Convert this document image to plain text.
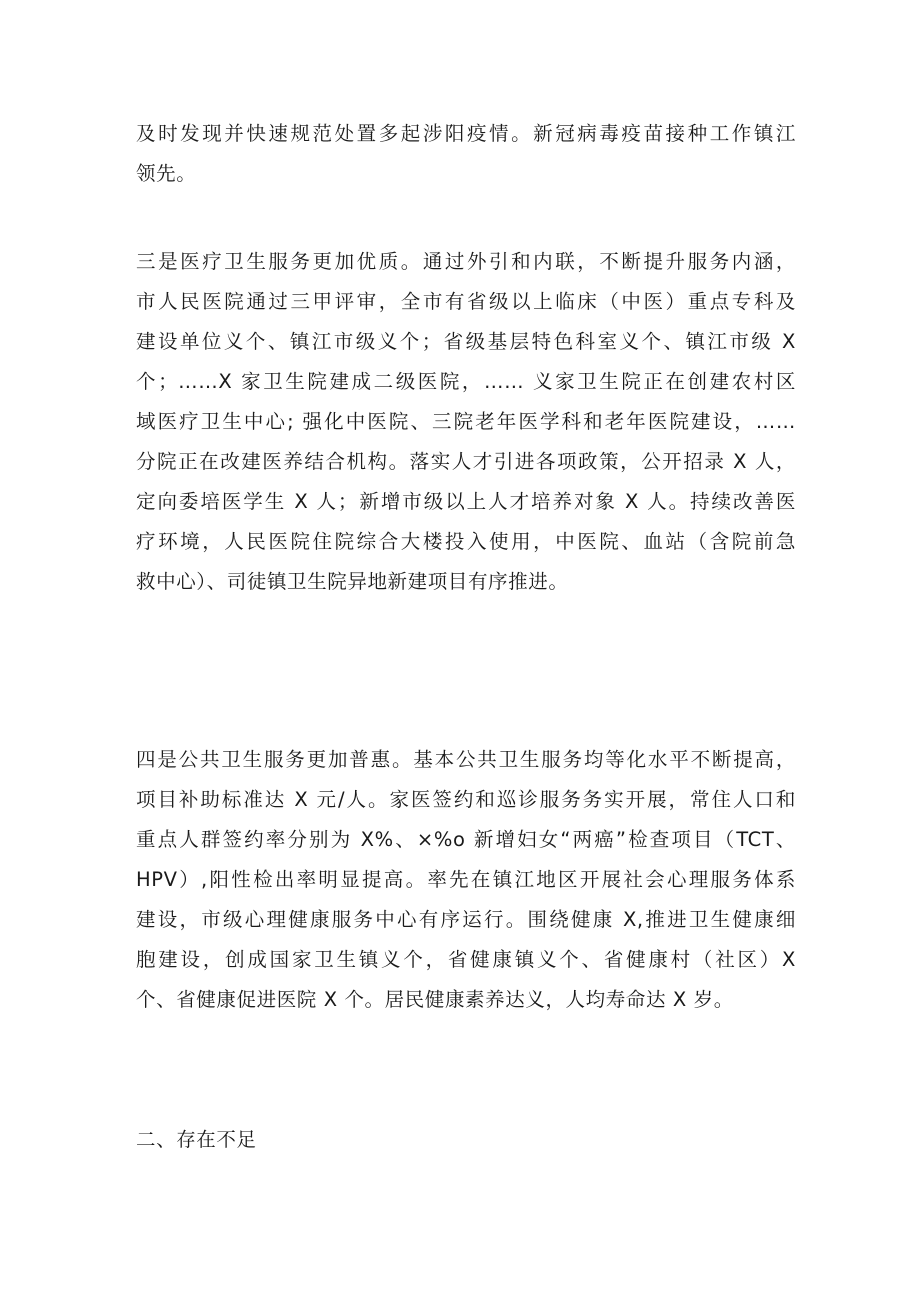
及时发现并快速规范处置多起涉阳疫情。新冠病毒疫苗接种工作镇江
领先。
三是医疗卫生服务更加优质。通过外引和内联，不断提升服务内涵，
市人民医院通过三甲评审，全市有省级以上临床（中医）重点专科及
建设单位义个、镇江市级义个；省级基层特色科室义个、镇江市级 X
个；……X 家卫生院建成二级医院，…… 义家卫生院正在创建农村区
域医疗卫生中心; 强化中医院、三院老年医学科和老年医院建设，……
分院正在改建医养结合机构。落实人才引进各项政策，公开招录 X 人，
定向委培医学生 X 人；新增市级以上人才培养对象 X 人。持续改善医
疗环境，人民医院住院综合大楼投入使用，中医院、血站（含院前急
救中心）、司徒镇卫生院异地新建项目有序推进。
四是公共卫生服务更加普惠。基本公共卫生服务均等化水平不断提高，
项目补助标准达 X 元/人。家医签约和巡诊服务务实开展，常住人口和
重点人群签约率分别为 X%、×%o 新增妇女“两癌”检查项目（TCT、
HPV）,阳性检出率明显提高。率先在镇江地区开展社会心理服务体系
建设，市级心理健康服务中心有序运行。围绕健康 X,推进卫生健康细
胞建设，创成国家卫生镇义个，省健康镇义个、省健康村（社区）X
个、省健康促进医院 X 个。居民健康素养达义，人均寿命达 X 岁。
二、存在不足
